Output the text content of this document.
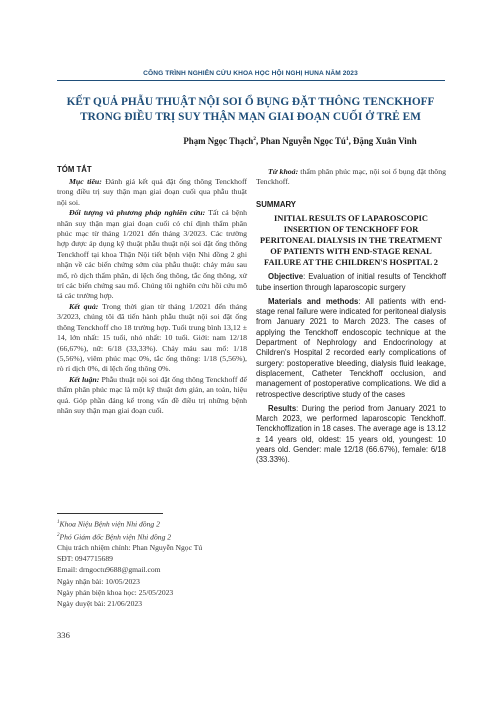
CÔNG TRÌNH NGHIÊN CỨU KHOA HỌC HỘI NGHỊ HUNA NĂM 2023
KẾT QUẢ PHẪU THUẬT NỘI SOI Ổ BỤNG ĐẶT THÔNG TENCKHOFF
TRONG ĐIỀU TRỊ SUY THẬN MẠN GIAI ĐOẠN CUỐI Ở TRẺ EM
Phạm Ngọc Thạch$^2$, Phan Nguyễn Ngọc $Tú^1$, Đặng Xuân Vinh
TÓM TẮT

Mục tiêu: Đánh giá kết quả đặt ống thông Tenckhoff trong điều trị suy thận mạn giai đoạn cuối qua phẫu thuật nội soi.

Đối tượng và phương pháp nghiên cứu: Tất cả bệnh nhân suy thận mạn giai đoạn cuối có chỉ định thẩm phân phúc mạc từ tháng 1/2021 đến tháng 3/2023. Các trường hợp được áp dụng kỹ thuật phẫu thuật nội soi đặt ống thông Tenckhoff tại khoa Thận Nội tiết bệnh viện Nhi đồng 2 ghi nhận về các biến chứng sớm của phẫu thuật: chảy máu sau mổ, rò dịch thẩm phân, di lệch ống thông, tắc ống thông, xử trí các biến chứng sau mổ. Chúng tôi nghiên cứu hồi cứu mô tả các trường hợp.

Kết quả: Trong thời gian từ tháng 1/2021 đến tháng 3/2023, chúng tôi đã tiến hành phẫu thuật nội soi đặt ống thông Tenckhoff cho 18 trường hợp. Tuổi trung bình 13,12 ± 14, lớn nhất: 15 tuổi, nhỏ nhất: 10 tuổi. Giới: nam 12/18 (66,67%), nữ: 6/18 (33,33%). Chảy máu sau mổ: 1/18 (5,56%), viêm phúc mạc 0%, tắc ống thông: 1/18 (5,56%), rò rỉ dịch 0%, di lệch ống thông 0%.

Kết luận: Phẫu thuật nội soi đặt ống thông Tenckhoff để thẩm phân phúc mạc là một kỹ thuật đơn giản, an toàn, hiệu quả. Góp phần đáng kể trong vấn đề điều trị những bệnh nhân suy thận mạn giai đoạn cuối.

Từ khoá: thẩm phân phúc mạc, nội soi ổ bụng đặt thông Tenckhoff.

SUMMARY
INITIAL RESULTS OF LAPAROSCOPIC INSERTION OF TENCKHOFF FOR PERITONEAL DIALYSIS IN THE TREATMENT OF PATIENTS WITH END-STAGE RENAL FAILURE AT THE CHILDREN'S HOSPITAL 2

Objective: Evaluation of initial results of Tenckhoff tube insertion through laparoscopic surgery

Materials and methods: All patients with end-stage renal failure were indicated for peritoneal dialysis from January 2021 to March 2023. The cases of applying the Tenckhoff endoscopic technique at the Department of Nephrology and Endocrinology at Children's Hospital 2 recorded early complications of surgery: postoperative bleeding, dialysis fluid leakage, displacement, Catheter Tenckhoff occlusion, and management of postoperative complications. We did a retrospective descriptive study of the cases

Results: During the period from January 2021 to March 2023, we performed laparoscopic Tenckhoff. Tenckhoffization in 18 cases. The average age is 13.12 ± 14 years old, oldest: 15 years old, youngest: 10 years old. Gender: male 12/18 (66.67%), female: 6/18 (33.33%).

$^1$Khoa Niệu Bệnh viện Nhi đồng 2
$^2$Phó Giám đốc Bệnh viện Nhi đồng 2
Chịu trách nhiệm chính: Phan Nguyễn Ngọc Tú
SĐT: 0947715689
Email: drngoctu9688@gmail.com
Ngày nhận bài: 10/05/2023
Ngày phản biện khoa học: 25/05/2023
Ngày duyệt bài: 21/06/2023
336
